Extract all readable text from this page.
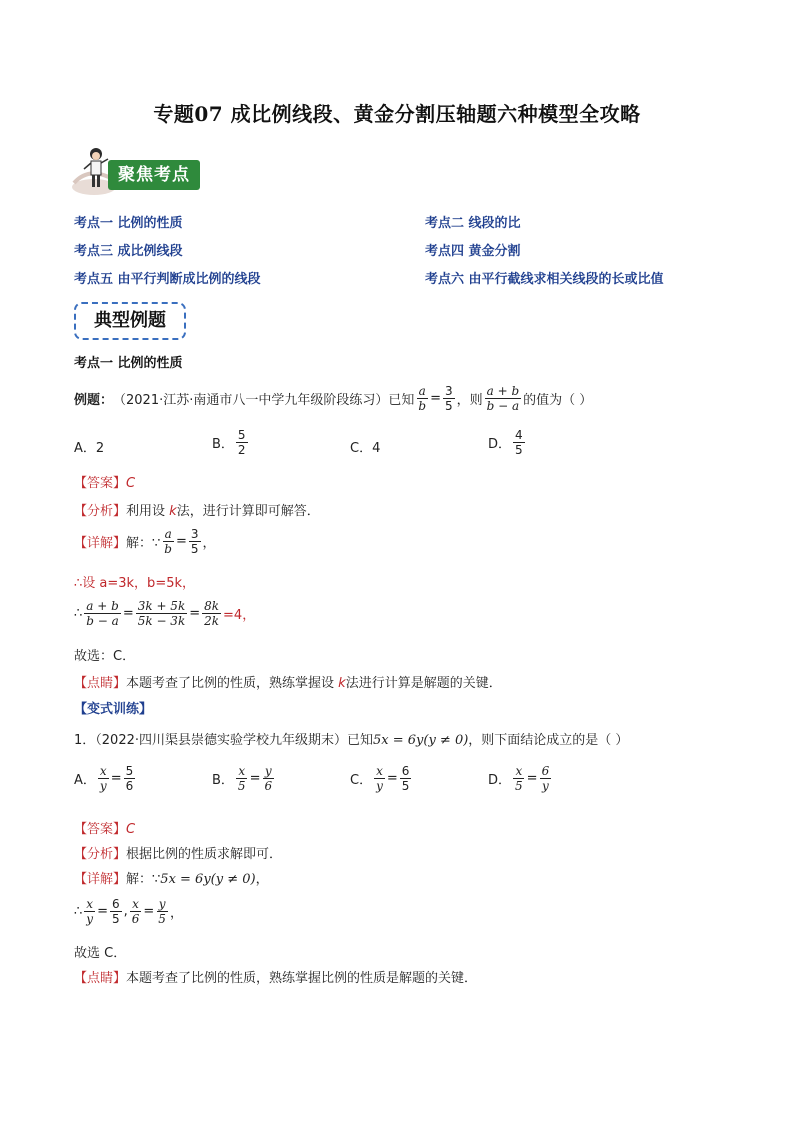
专题07 成比例线段、黄金分割压轴题六种模型全攻略
聚焦考点
考点一 比例的性质	考点二 线段的比
考点三 成比例线段	考点四 黄金分割
考点五 由平行判断成比例的线段	考点六 由平行截线求相关线段的长或比值
典型例题
考点一 比例的性质
例题： （2021·江苏·南通市八一中学九年级阶段练习）已知 $\frac{a}{b} = \frac{3}{5}$ ，则 $\frac{a + b}{b - a}$ 的值为（ ）
A．2	B． $\frac{5}{2}$	C．4	D． $\frac{4}{5}$
【答案】C
【分析】利用设 k法，进行计算即可解答．
【详解】 解：∵ $\frac{a}{b} = \frac{3}{5}$ ，
∴设 a=3k，b=5k，
∴ $\frac{a + b}{b - a} = \frac{3k + 5k}{5k - 3k} = \frac{8k}{2k} =4$，
故选：C．
【点睛】本题考查了比例的性质，熟练掌握设 k法进行计算是解题的关键．
【变式训练】
1．（2022·四川渠县崇德实验学校九年级期末）已知5x = 6y(y ≠ 0)，则下面结论成立的是（ ）
A． $\frac{x}{y} = \frac{5}{6}$	B． $\frac{x}{5} = \frac{y}{6}$	C． $\frac{x}{y} = \frac{6}{5}$	D． $\frac{x}{5} = \frac{6}{y}$
【答案】C
【分析】根据比例的性质求解即可．
【详解】解：∵5x = 6y(y ≠ 0)，
∴ $\frac{x}{y} = \frac{6}{5}$ , $\frac{x}{6} = \frac{y}{5}$ ，
故选 C．
【点睛】本题考查了比例的性质，熟练掌握比例的性质是解题的关键．
